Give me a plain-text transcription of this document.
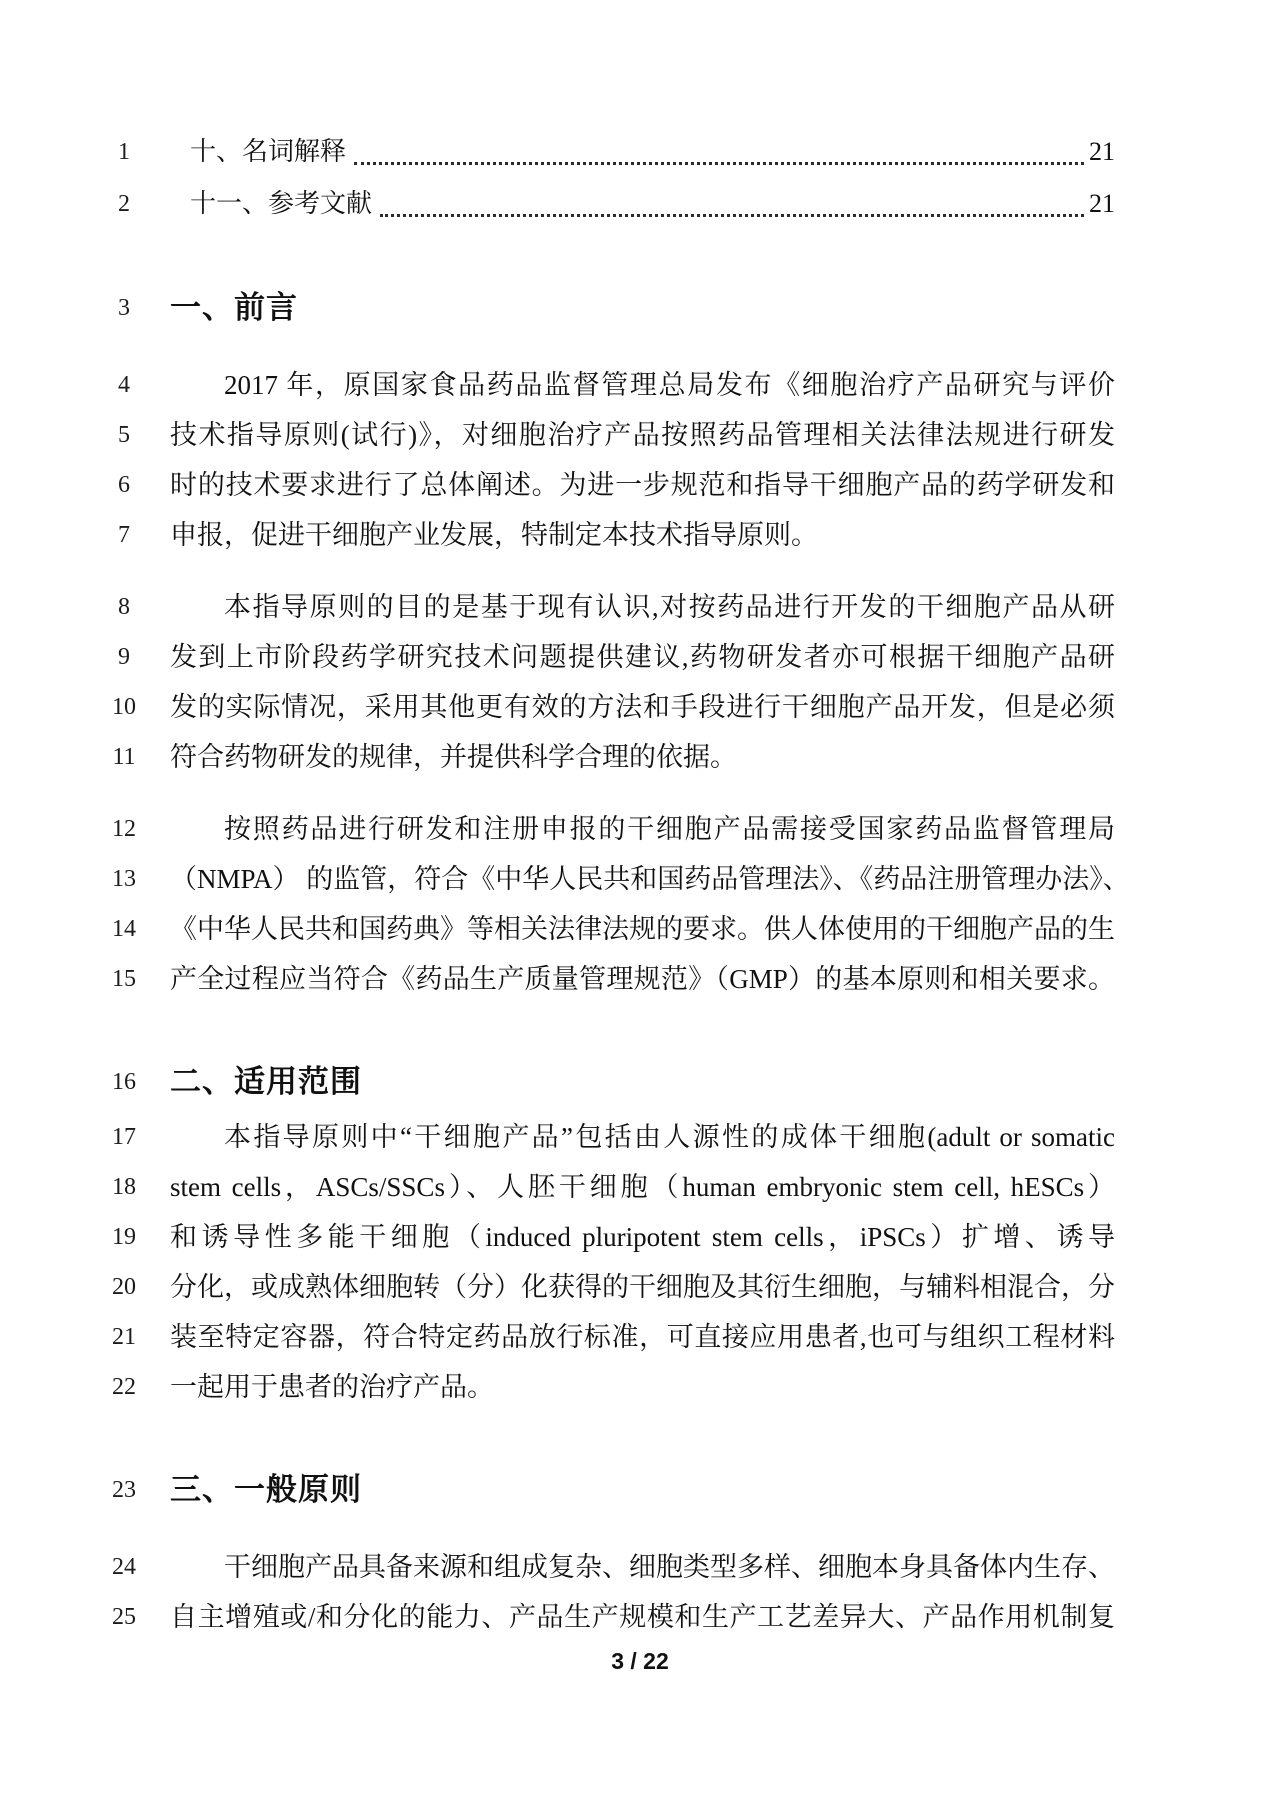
1	十、名词解释	21
2	十一、参考文献	21
3	一、前言
4	2017 年，原国家食品药品监督管理总局发布《细胞治疗产品研究与评价
5	技术指导原则(试行)》，对细胞治疗产品按照药品管理相关法律法规进行研发
6	时的技术要求进行了总体阐述。为进一步规范和指导干细胞产品的药学研发和
7	申报，促进干细胞产业发展，特制定本技术指导原则。
8	本指导原则的目的是基于现有认识,对按药品进行开发的干细胞产品从研
9	发到上市阶段药学研究技术问题提供建议,药物研发者亦可根据干细胞产品研
10	发的实际情况，采用其他更有效的方法和手段进行干细胞产品开发，但是必须
11	符合药物研发的规律，并提供科学合理的依据。
12	按照药品进行研发和注册申报的干细胞产品需接受国家药品监督管理局
13	（NMPA） 的监管，符合《中华人民共和国药品管理法》、《药品注册管理办法》、
14	《中华人民共和国药典》等相关法律法规的要求。供人体使用的干细胞产品的生
15	产全过程应当符合《药品生产质量管理规范》（GMP）的基本原则和相关要求。
16	二、适用范围
17	本指导原则中“干细胞产品”包括由人源性的成体干细胞(adult or somatic
18	stem cells，ASCs/SSCs）、人胚干细胞（human embryonic stem cell, hESCs）
19	和诱导性多能干细胞（induced pluripotent stem cells，iPSCs）扩增、诱导
20	分化，或成熟体细胞转（分）化获得的干细胞及其衍生细胞，与辅料相混合，分
21	装至特定容器，符合特定药品放行标准，可直接应用患者,也可与组织工程材料
22	一起用于患者的治疗产品。
23	三、一般原则
24	干细胞产品具备来源和组成复杂、细胞类型多样、细胞本身具备体内生存、
25	自主增殖或/和分化的能力、产品生产规模和生产工艺差异大、产品作用机制复
3 / 22
